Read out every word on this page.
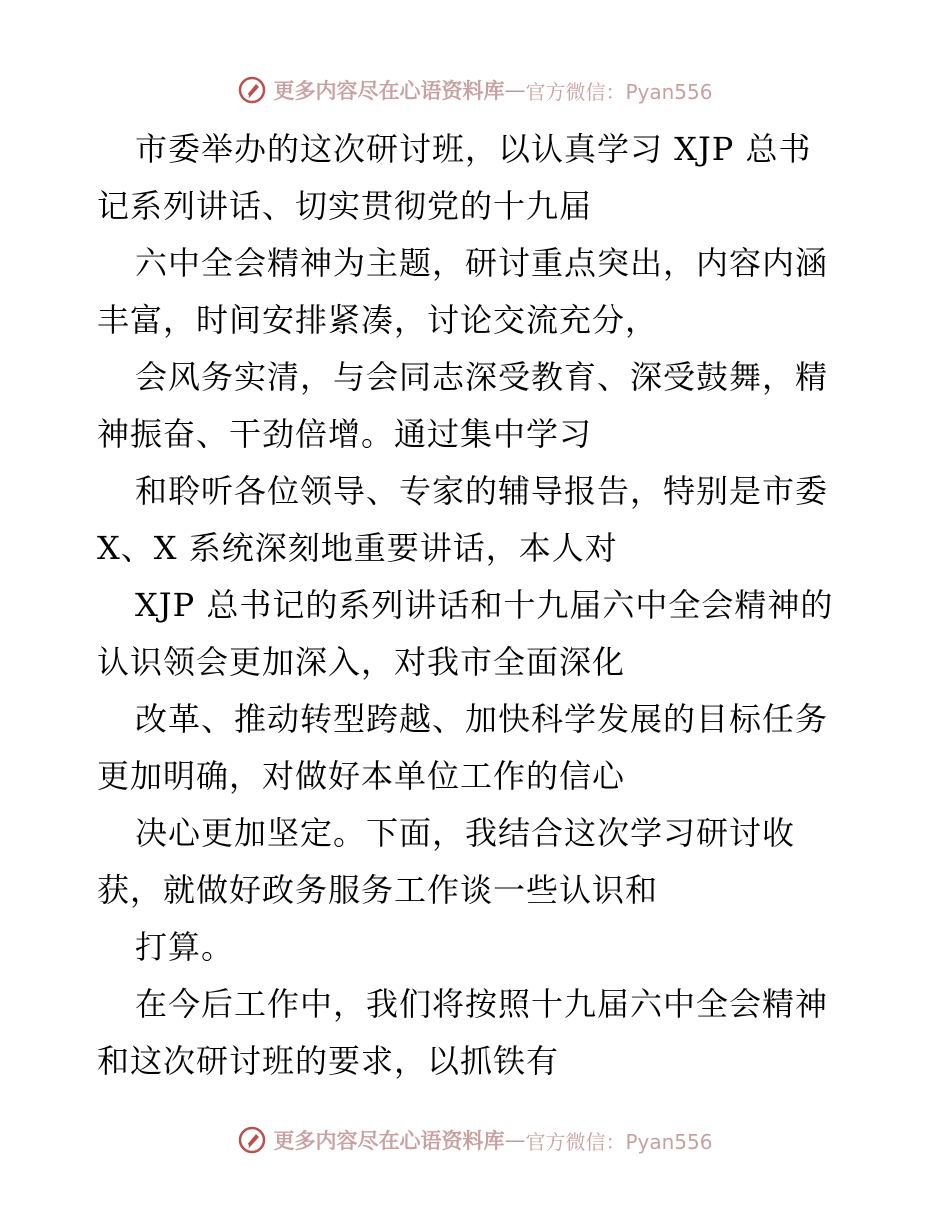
更多内容尽在心语资料库 — 官方微信：Pyan556
市委举办的这次研讨班，以认真学习 XJP 总书
记系列讲话、切实贯彻党的十九届
六中全会精神为主题，研讨重点突出，内容内涵
丰富，时间安排紧凑，讨论交流充分，
会风务实清，与会同志深受教育、深受鼓舞，精
神振奋、干劲倍增。通过集中学习
和聆听各位领导、专家的辅导报告，特别是市委
X、X 系统深刻地重要讲话，本人对
XJP 总书记的系列讲话和十九届六中全会精神的
认识领会更加深入，对我市全面深化
改革、推动转型跨越、加快科学发展的目标任务
更加明确，对做好本单位工作的信心
决心更加坚定。下面，我结合这次学习研讨收
获，就做好政务服务工作谈一些认识和
打算。
在今后工作中，我们将按照十九届六中全会精神
和这次研讨班的要求，以抓铁有
更多内容尽在心语资料库 — 官方微信：Pyan556
